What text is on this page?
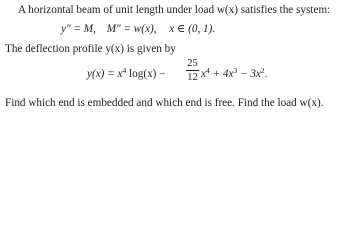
A horizontal beam of unit length under load w(x) satisfies the system:
y″ = M, M″ = w(x), x ∈ (0, 1).
The deflection profile y(x) is given by
$y(x) = x^4$ $\log(x) - \frac{25}{12} x^4 + 4x^3 - 3x^2$.
Find which end is embedded and which end is free. Find the load w(x).
